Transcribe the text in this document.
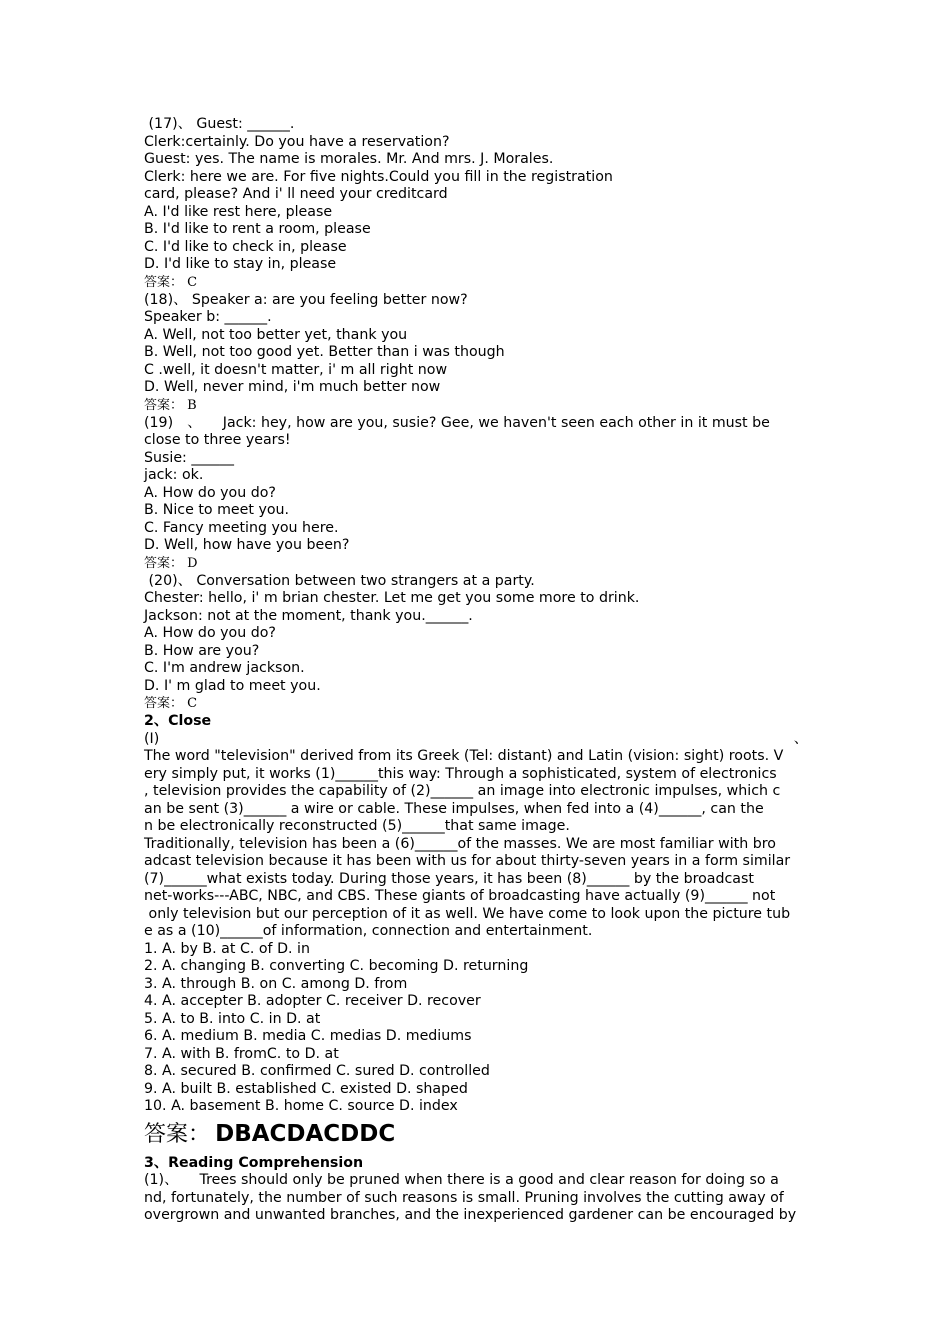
(17)、 Guest: ______.
Clerk:certainly. Do you have a reservation?
Guest: yes. The name is morales. Mr. And mrs. J. Morales.
Clerk: here we are. For five nights.Could you fill in the registration
card, please? And i' ll need your creditcard
A. I'd like rest here, please
B. I'd like to rent a room, please
C. I'd like to check in, please
D. I'd like to stay in, please
答案： C
(18)、 Speaker a: are you feeling better now?
Speaker b: ______.
A. Well, not too better yet, thank you
B. Well, not too good yet. Better than i was though
C .well, it doesn't matter, i' m all right now
D. Well, never mind, i'm much better now
答案： B
(19)　、　　Jack: hey, how are you, susie? Gee, we haven't seen each other in it must be
close to three years!
Susie: ______
jack: ok.
A. How do you do?
B. Nice to meet you.
C. Fancy meeting you here.
D. Well, how have you been?
答案： D
(20)、 Conversation between two strangers at a party.
Chester: hello, i' m brian chester. Let me get you some more to drink.
Jackson: not at the moment, thank you.______.
A. How do you do?
B. How are you?
C. I'm andrew jackson.
D. I' m glad to meet you.
答案： C
2、Close
(I)	、
The word "television" derived from its Greek (Tel: distant) and Latin (vision: sight) roots. V
ery simply put, it works (1)______this way: Through a sophisticated, system of electronics
, television provides the capability of (2)______ an image into electronic impulses, which c
an be sent (3)______ a wire or cable. These impulses, when fed into a (4)______, can the
n be electronically reconstructed (5)______that same image.
Traditionally, television has been a (6)______of the masses. We are most familiar with bro
adcast television because it has been with us for about thirty-seven years in a form similar
(7)______what exists today. During those years, it has been (8)______ by the broadcast
net-works---ABC, NBC, and CBS. These giants of broadcasting have actually (9)______ not
only television but our perception of it as well. We have come to look upon the picture tub
e as a (10)______of information, connection and entertainment.
1. A. by B. at C. of D. in
2. A. changing B. converting C. becoming D. returning
3. A. through B. on C. among D. from
4. A. accepter B. adopter C. receiver D. recover
5. A. to B. into C. in D. at
6. A. medium B. media C. medias D. mediums
7. A. with B. fromC. to D. at
8. A. secured B. confirmed C. sured D. controlled
9. A. built B. established C. existed D. shaped
10. A. basement B. home C. source D. index
答案： DBACDACDDC
3、Reading Comprehension
(1)、　　Trees should only be pruned when there is a good and clear reason for doing so a
nd, fortunately, the number of such reasons is small. Pruning involves the cutting away of
overgrown and unwanted branches, and the inexperienced gardener can be encouraged by
